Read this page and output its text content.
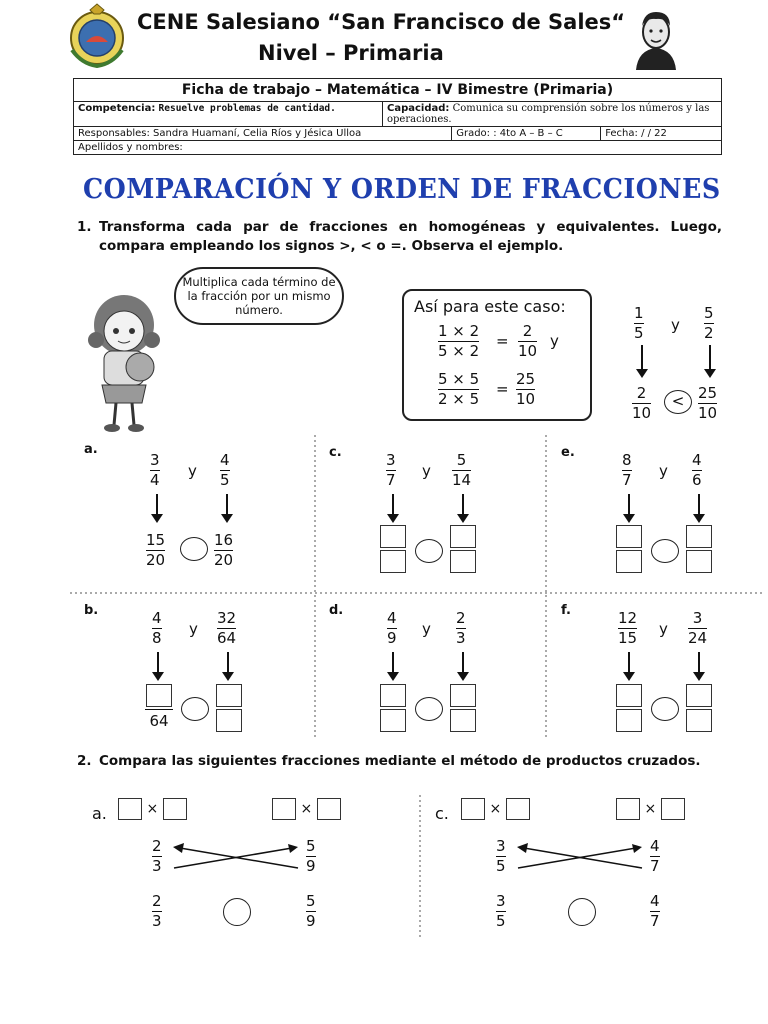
CENE Salesiano “San Francisco de Sales“
Nivel – Primaria
Ficha de trabajo – Matemática – IV Bimestre (Primaria)			
Competencia: Resuelve problemas de cantidad.	Capacidad: Comunica su comprensión sobre los números y las operaciones.		
Responsables: Sandra Huamaní, Celia Ríos y Jésica Ulloa		Grado: : 4to A – B – C	Fecha: / / 22
Apellidos y nombres:			
COMPARACIÓN Y ORDEN DE FRACCIONES
1. Transforma cada par de fracciones en homogéneas y equivalentes. Luego, compara empleando los signos >, < o =. Observa el ejemplo.
Multiplica cada término de la fracción por un mismo número.	Así para este caso:
1 × 2
5 × 2
=
2
10
y
5 × 5
2 × 5
=
25
10
1
5 y
5
2
2
10
< 25
10
a.
3
4 y
4
5
15
20
16
20
c.	3
7 y
5
14
e.	8
7 y
4
6
b.	4
8 y
32
64
64
d.	4
9 y
2
3
f.	12
15 y
3
24
2. Compara las siguientes fracciones mediante el método de productos cruzados.
a.	×	×
2
3
5
9
2
3
5
9
c.	×	×
3
5
4
7
3
5
4
7
